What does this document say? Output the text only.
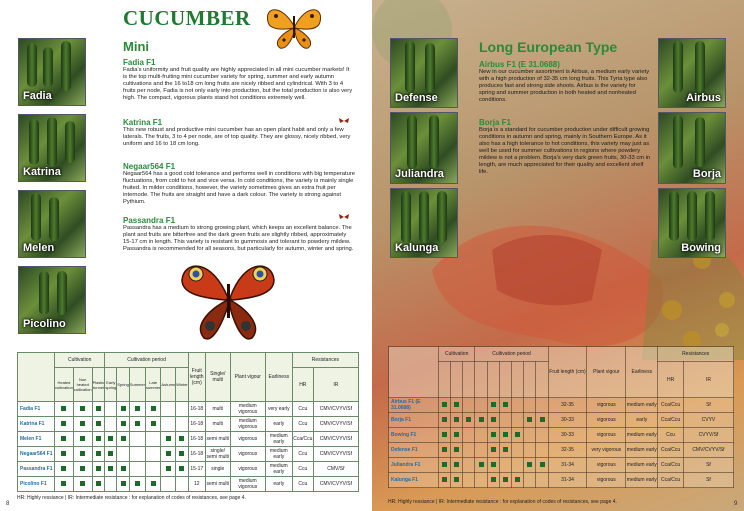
CUCUMBER
Mini
Fadia
Katrina
Melen
Picolino
Fadia F1
Fadia's uniformity and fruit quality are highly appreciated in all mini cucumber markets! It is the top multi-fruiting mini cucumber variety for spring, summer and early autumn cultivations and the 16 to18 cm long fruits are nicely ribbed and cylindrical. With 3 to 4 fruits per node, Fadia is not only early into production, but the total production is also very high. The compact, vigorous plants stand hot conditions extremely well.
Katrina F1
This new robust and productive mini cucumber has an open plant habit and only a few laterals. The fruits, 3 to 4 per node, are of top quality. They are glossy, nicely ribbed, very uniform and 16 to 18 cm long.
Negaar564 F1
Negaar564 has a good cold tolerance and performs well in conditions with big temperature fluctuations, from cold to hot and vice versa. In cold conditions, the variety is mainly single fruited. In milder conditions, however, the variety sometimes gives an extra fruit per internode. The fruits are straight and have a dark colour. The variety is strong against Pythium.
Passandra F1
Passandra has a medium to strong growing plant, which keeps an excellent balance. The plant and fruits are bitterfree and the dark green fruits are slightly ribbed, approximately 15-17 cm in length. This variety is resistant to gummosis and tolerant to powdery mildew. Passandra is recommended for all seasons, but particularly for autumn, winter and spring.
	Cultivation			Cultivation period						Fruit length (cm)	Single/ multi	Plant vigour	Earliness	Resistances	
	Heated cultivation	Non heated cultivation	Plastic tunnel	Early spring	Spring	Summer	Late summer	Autumn	Winter					HR	IR
Fadia F1										16-18	multi	medium vigorous	very early	Ccu	CMV/CVYV/Sf
Katrina F1										16-18	multi	medium vigorous	early	Ccu	CMV/CVYV/Sf
Melen F1										16-18	semi multi	vigorous	medium early	Cca/Ccu	CMV/CVYV/Sf
Negaar564 F1										16-18	single/ semi multi	vigorous	medium early	Ccu	CMV/CVYV/Sf
Passandra F1										15-17	single	vigorous	medium early	Ccu	CMV/Sf
Picolino F1										12	semi multi	medium vigorous	early	Ccu	CMV/CVYV/Sf
HR: Highly ressiance | IR: Intermediate resistance : for explanation of codes of resistances, see page 4.
8
Long European Type
Defense
Juliandra
Kalunga
Airbus
Borja
Bowing
Airbus F1 (E 31.0688)
New in our cucumber assortment is Airbus, a medium early variety with a high production of 32-35 cm long fruits. This Tyria type also produces fast and strong side shoots. Airbus is the variety for spring and summer production in both heated and nonheated conditions.
Borja F1
Borja is a standard for cucumber production under difficult growing conditions in autumn and spring, mainly in Southern Europe. As it also has a high tolerance to hot conditions, this variety may just as well be used for summer cultivations in regions where powdery mildew is not a problem. Borja's very dark green fruits, 30-33 cm in length, are much appreciated for their quality and excellent shelf life.
	Cultivation			Cultivation period						Fruit length (cm)	Plant vigour	Earliness	Resistances	
													HR	IR
Airbus F1 (E 31.0688)										32-35	vigorous	medium early	Cca/Ccu	Sf
Borja F1										30-33	vigorous	early	Cca/Ccu	CVYV
Bowing F1										30-33	vigorous	medium early	Ccu	CVYV/Sf
Defense F1										32-35	very vigorous	medium early	Cca/Ccu	CMV/CVYV/Sf
Juliandra F1										31-34	vigorous	medium early	Cca/Ccu	Sf
Kalunga F1										31-34	vigorous	medium early	Cca/Ccu	Sf
HR: Highly ressiance | IR: Intermediate resistance : for explanation of codes of resistances, see page 4.	9
